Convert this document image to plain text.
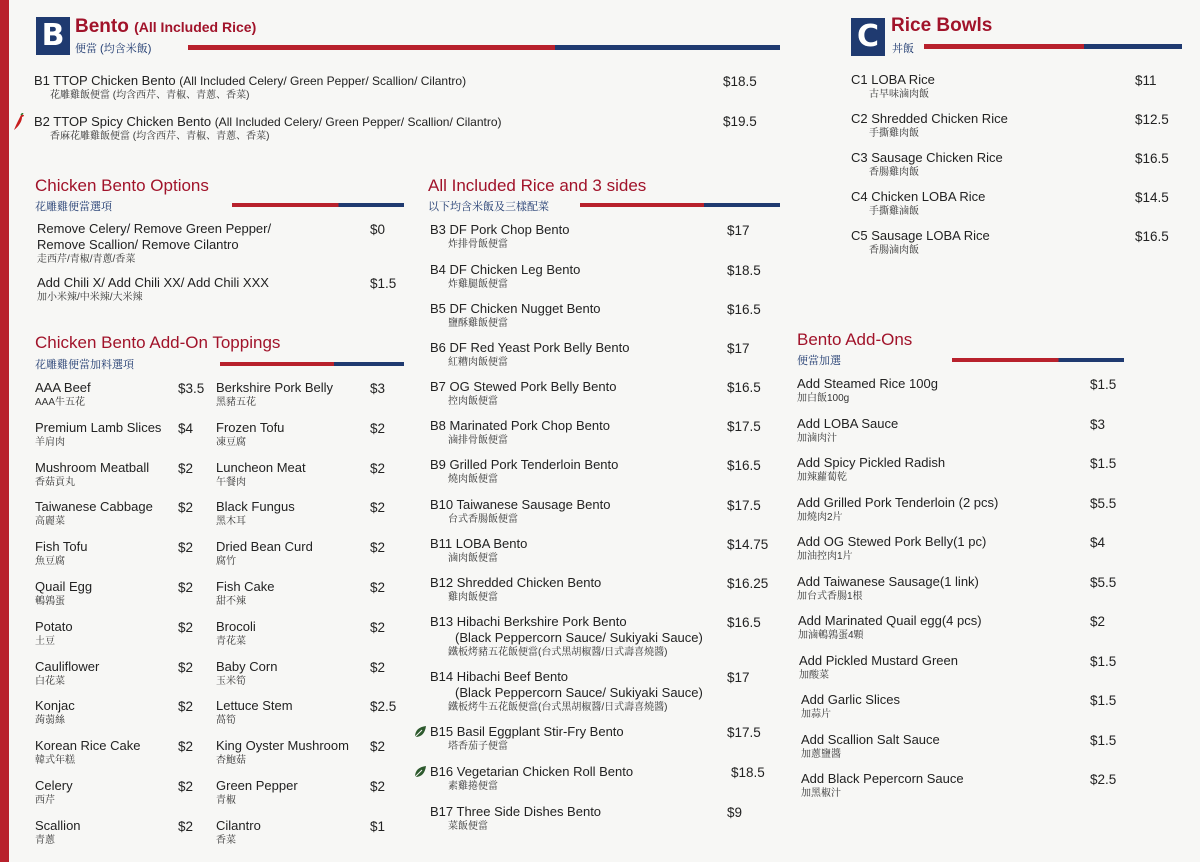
B Bento (All Included Rice)
便當 (均含米飯)
B1 TTOP Chicken Bento (All Included Celery/ Green Pepper/ Scallion/ Cilantro)
花雕雞飯便當 (均含西芹、青椒、青蔥、香菜)
$18.5
B2 TTOP Spicy Chicken Bento (All Included Celery/ Green Pepper/ Scallion/ Cilantro)
香麻花雕雞飯便當 (均含西芹、青椒、青蔥、香菜)
$19.5
C Rice Bowls
丼飯
C1 LOBA Rice
古早味滷肉飯
$11
C2 Shredded Chicken Rice
手撕雞肉飯
$12.5
C3 Sausage Chicken Rice
香腸雞肉飯
$16.5
C4 Chicken LOBA Rice
手撕雞滷飯
$14.5
C5 Sausage LOBA Rice
香腸滷肉飯
$16.5
Chicken Bento Options
花雕雞便當選項
Remove Celery/ Remove Green Pepper/
Remove Scallion/ Remove Cilantro
走西芹/青椒/青蔥/香菜
$0
Add Chili X/ Add Chili XX/ Add Chili XXX
加小米辣/中米辣/大米辣
$1.5
Chicken Bento Add-On Toppings
花雕雞便當加料選項
AAA Beef
AAA牛五花
$3.5
Premium Lamb Slices
羊肩肉
$4
Mushroom Meatball
香菇貢丸
$2
Taiwanese Cabbage
高麗菜
$2
Fish Tofu
魚豆腐
$2
Quail Egg
鵪鶉蛋
$2
Potato
土豆
$2
Cauliflower
白花菜
$2
Konjac
蒟蒻絲
$2
Korean Rice Cake
韓式年糕
$2
Celery
西芹
$2
Scallion
青蔥
$2
Berkshire Pork Belly
黑豬五花
$3
Frozen Tofu
凍豆腐
$2
Luncheon Meat
午餐肉
$2
Black Fungus
黑木耳
$2
Dried Bean Curd
腐竹
$2
Fish Cake
甜不辣
$2
Brocoli
青花菜
$2
Baby Corn
玉米筍
$2
Lettuce Stem
萵筍
$2.5
King Oyster Mushroom
杏鮑菇
$2
Green Pepper
青椒
$2
Cilantro
香菜
$1
All Included Rice and 3 sides
以下均含米飯及三樣配菜
B3 DF Pork Chop Bento
炸排骨飯便當
$17
B4 DF Chicken Leg Bento
炸雞腿飯便當
$18.5
B5 DF Chicken Nugget Bento
鹽酥雞飯便當
$16.5
B6 DF Red Yeast Pork Belly Bento
紅糟肉飯便當
$17
B7 OG Stewed Pork Belly Bento
控肉飯便當
$16.5
B8 Marinated Pork Chop Bento
滷排骨飯便當
$17.5
B9 Grilled Pork Tenderloin Bento
燒肉飯便當
$16.5
B10 Taiwanese Sausage Bento
台式香腸飯便當
$17.5
B11 LOBA Bento
滷肉飯便當
$14.75
B12 Shredded Chicken Bento
雞肉飯便當
$16.25
B13 Hibachi Berkshire Pork Bento
(Black Peppercorn Sauce/ Sukiyaki Sauce)
鐵板烤豬五花飯便當(台式黑胡椒醬/日式壽喜燒醬)
$16.5
B14 Hibachi Beef Bento
(Black Peppercorn Sauce/ Sukiyaki Sauce)
鐵板烤牛五花飯便當(台式黑胡椒醬/日式壽喜燒醬)
$17
B15 Basil Eggplant Stir-Fry Bento
塔香茄子便當
$17.5
B16 Vegetarian Chicken Roll Bento
素雞捲便當
$18.5
B17 Three Side Dishes Bento
菜飯便當
$9
Bento Add-Ons
便當加選
Add Steamed Rice 100g
加白飯100g
$1.5
Add LOBA Sauce
加滷肉汁
$3
Add Spicy Pickled Radish
加辣蘿蔔乾
$1.5
Add Grilled Pork Tenderloin (2 pcs)
加燒肉2片
$5.5
Add OG Stewed Pork Belly(1 pc)
加油控肉1片
$4
Add Taiwanese Sausage(1 link)
加台式香腸1根
$5.5
Add Marinated Quail egg(4 pcs)
加滷鵪鶉蛋4顆
$2
Add Pickled Mustard Green
加酸菜
$1.5
Add Garlic Slices
加蒜片
$1.5
Add Scallion Salt Sauce
加蔥鹽醬
$1.5
Add Black Pepercorn Sauce
加黑椒汁
$2.5
